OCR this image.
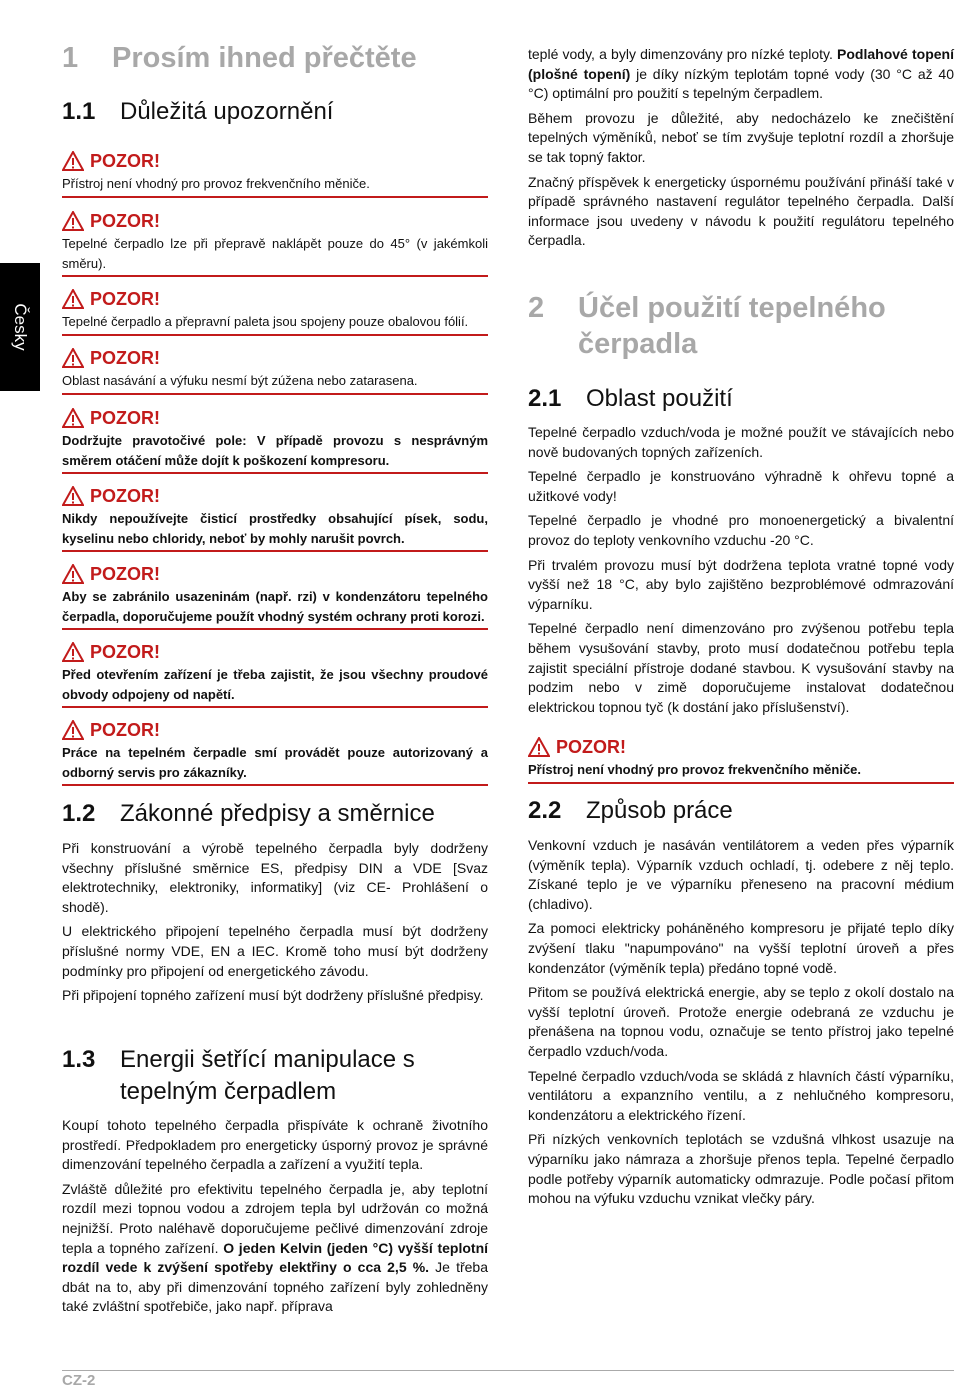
Česky
1 Prosím ihned přečtěte
1.1 Důležitá upozornění
POZOR!
Přístroj není vhodný pro provoz frekvenčního měniče.
POZOR!
Tepelné čerpadlo lze při přepravě naklápět pouze do 45° (v jakémkoli směru).
POZOR!
Tepelné čerpadlo a přepravní paleta jsou spojeny pouze obalovou fólií.
POZOR!
Oblast nasávání a výfuku nesmí být zúžena nebo zatarasena.
POZOR!
Dodržujte pravotočivé pole: V případě provozu s nesprávným směrem otáčení může dojít k poškození kompresoru.
POZOR!
Nikdy nepoužívejte čisticí prostředky obsahující písek, sodu, kyselinu nebo chloridy, neboť by mohly narušit povrch.
POZOR!
Aby se zabránilo usazeninám (např. rzi) v kondenzátoru tepelného čerpadla, doporučujeme použít vhodný systém ochrany proti korozi.
POZOR!
Před otevřením zařízení je třeba zajistit, že jsou všechny proudové obvody odpojeny od napětí.
POZOR!
Práce na tepelném čerpadle smí provádět pouze autorizovaný a odborný servis pro zákazníky.
1.2 Zákonné předpisy a směrnice

Při konstruování a výrobě tepelného čerpadla byly dodrženy všechny příslušné směrnice ES, předpisy DIN a VDE [Svaz elektrotechniky, elektroniky, informatiky] (viz CE- Prohlášení o shodě).

U elektrického připojení tepelného čerpadla musí být dodrženy příslušné normy VDE, EN a IEC. Kromě toho musí být dodrženy podmínky pro připojení od energetického závodu.

Při připojení topného zařízení musí být dodrženy příslušné předpisy.

1.3	Energii šetřící manipulace s tepelným čerpadlem

Koupí tohoto tepelného čerpadla přispíváte k ochraně životního prostředí. Předpokladem pro energeticky úsporný provoz je správné dimenzování tepelného čerpadla a zařízení a využití tepla.

Zvláště důležité pro efektivitu tepelného čerpadla je, aby teplotní rozdíl mezi topnou vodou a zdrojem tepla byl udržován co možná nejnižší. Proto naléhavě doporučujeme pečlivé dimenzování zdroje tepla a topného zařízení. O jeden Kelvin (jeden °C) vyšší teplotní rozdíl vede k zvýšení spotřeby elektřiny o cca 2,5 %. Je třeba dbát na to, aby při dimenzování topného zařízení byly zohledněny také zvláštní spotřebiče, jako např. příprava

teplé vody, a byly dimenzovány pro nízké teploty. Podlahové topení (plošné topení) je díky nízkým teplotám topné vody (30 °C až 40 °C) optimální pro použití s tepelným čerpadlem.

Během provozu je důležité, aby nedocházelo ke znečištění tepelných výměníků, neboť se tím zvyšuje teplotní rozdíl a zhoršuje se tak topný faktor.

Značný příspěvek k energeticky úspornému používání přináší také v případě správného nastavení regulátor tepelného čerpadla. Další informace jsou uvedeny v návodu k použití regulátoru tepelného čerpadla.

2 Účel použití tepelného
čerpadla
2.1 Oblast použití

Tepelné čerpadlo vzduch/voda je možné použít ve stávajících nebo nově budovaných topných zařízeních.

Tepelné čerpadlo je konstruováno výhradně k ohřevu topné a užitkové vody!

Tepelné čerpadlo je vhodné pro monoenergetický a bivalentní provoz do teploty venkovního vzduchu -20 °C.

Při trvalém provozu musí být dodržena teplota vratné topné vody vyšší než 18 °C, aby bylo zajištěno bezproblémové odmrazování výparníku.

Tepelné čerpadlo není dimenzováno pro zvýšenou potřebu tepla během vysušování stavby, proto musí dodatečnou potřebu tepla zajistit speciální přístroje dodané stavbou. K vysušování stavby na podzim nebo v zimě doporučujeme instalovat dodatečnou elektrickou topnou tyč (k dostání jako příslušenství).

POZOR!
Přístroj není vhodný pro provoz frekvenčního měniče.
2.2 Způsob práce

Venkovní vzduch je nasáván ventilátorem a veden přes výparník (výměník tepla). Výparník vzduch ochladí, tj. odebere z něj teplo. Získané teplo je ve výparníku přeneseno na pracovní médium (chladivo).

Za pomoci elektricky poháněného kompresoru je přijaté teplo díky zvýšení tlaku "napumpováno" na vyšší teplotní úroveň a přes kondenzátor (výměník tepla) předáno topné vodě.

Přitom se používá elektrická energie, aby se teplo z okolí dostalo na vyšší teplotní úroveň. Protože energie odebraná ze vzduchu je přenášena na topnou vodu, označuje se tento přístroj jako tepelné čerpadlo vzduch/voda.

Tepelné čerpadlo vzduch/voda se skládá z hlavních částí výparníku, ventilátoru a expanzního ventilu, a z nehlučného kompresoru, kondenzátoru a elektrického řízení.

Při nízkých venkovních teplotách se vzdušná vlhkost usazuje na výparníku jako námraza a zhoršuje přenos tepla. Tepelné čerpadlo podle potřeby výparník automaticky odmrazuje. Podle počasí přitom mohou na výfuku vzduchu vznikat vlečky páry.

CZ-2
